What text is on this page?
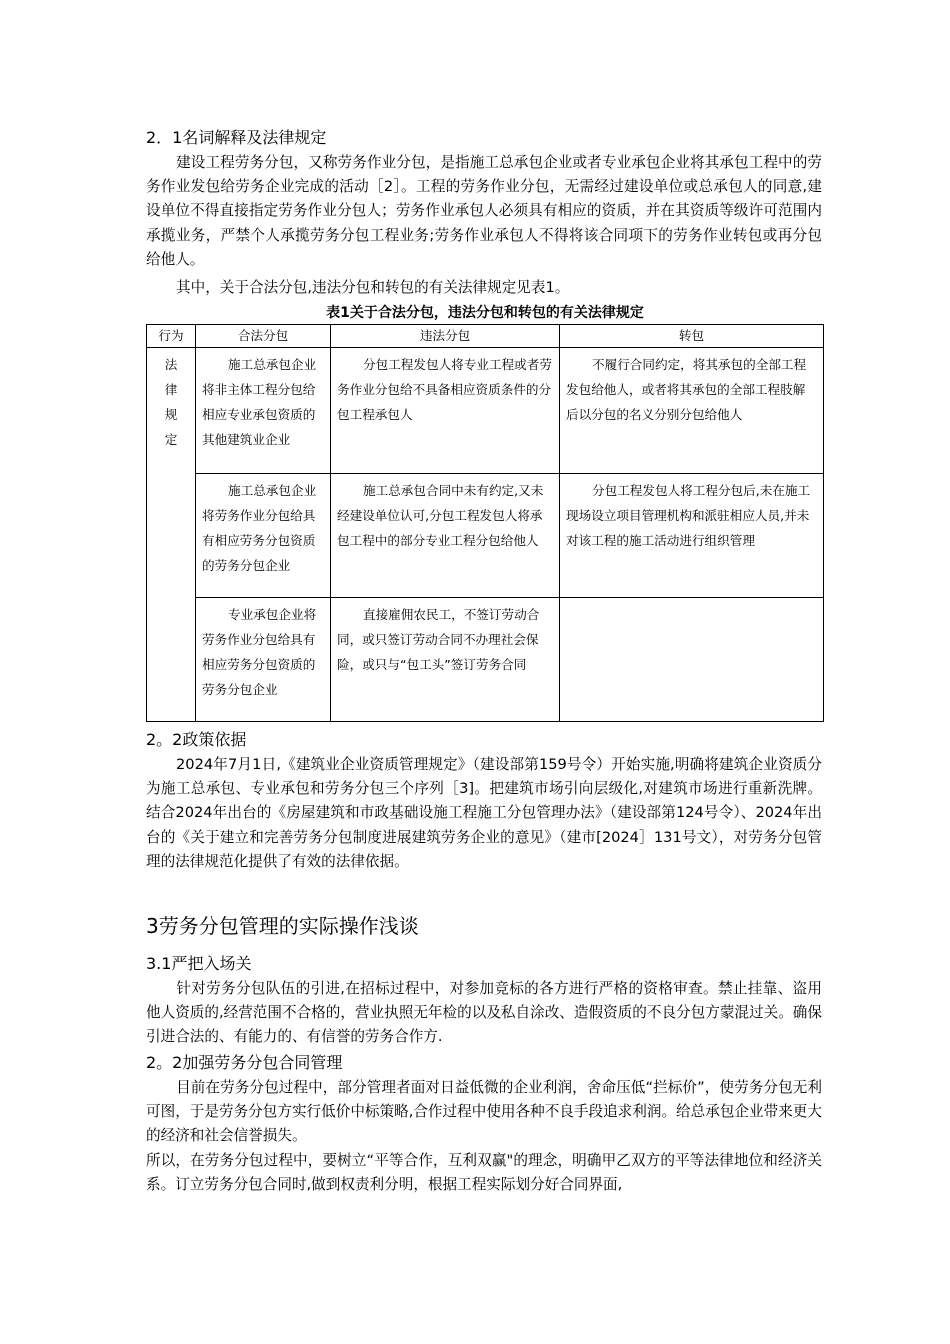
2．1名词解释及法律规定
建设工程劳务分包，又称劳务作业分包，是指施工总承包企业或者专业承包企业将其承包工程中的劳务作业发包给劳务企业完成的活动［2］。工程的劳务作业分包，无需经过建设单位或总承包人的同意,建设单位不得直接指定劳务作业分包人；劳务作业承包人必须具有相应的资质，并在其资质等级许可范围内承揽业务，严禁个人承揽劳务分包工程业务;劳务作业承包人不得将该合同项下的劳务作业转包或再分包给他人。
其中，关于合法分包,违法分包和转包的有关法律规定见表1。
表1关于合法分包，违法分包和转包的有关法律规定
行为	合法分包	违法分包	转包
法律规定	施工总承包企业将非主体工程分包给相应专业承包资质的其他建筑业企业	分包工程发包人将专业工程或者劳务作业分包给不具备相应资质条件的分包工程承包人	不履行合同约定，将其承包的全部工程发包给他人，或者将其承包的全部工程肢解后以分包的名义分别分包给他人
	施工总承包企业将劳务作业分包给具有相应劳务分包资质的劳务分包企业	施工总承包合同中未有约定,又未经建设单位认可,分包工程发包人将承包工程中的部分专业工程分包给他人	分包工程发包人将工程分包后,未在施工现场设立项目管理机构和派驻相应人员,并未对该工程的施工活动进行组织管理
	专业承包企业将劳务作业分包给具有相应劳务分包资质的劳务分包企业	直接雇佣农民工，不签订劳动合同，或只签订劳动合同不办理社会保险，或只与“包工头”签订劳务合同	
2。2政策依据
2024年7月1日,《建筑业企业资质管理规定》（建设部第159号令）开始实施,明确将建筑企业资质分为施工总承包、专业承包和劳务分包三个序列［3]。把建筑市场引向层级化,对建筑市场进行重新洗牌。结合2024年出台的《房屋建筑和市政基础设施工程施工分包管理办法》（建设部第124号令）、2024年出台的《关于建立和完善劳务分包制度进展建筑劳务企业的意见》（建市[2024］131号文），对劳务分包管理的法律规范化提供了有效的法律依据。
3劳务分包管理的实际操作浅谈
3.1严把入场关
针对劳务分包队伍的引进,在招标过程中，对参加竞标的各方进行严格的资格审查。禁止挂靠、盗用他人资质的,经营范围不合格的，营业执照无年检的以及私自涂改、造假资质的不良分包方蒙混过关。确保引进合法的、有能力的、有信誉的劳务合作方.
2。2加强劳务分包合同管理
目前在劳务分包过程中，部分管理者面对日益低微的企业利润，舍命压低“拦标价”，使劳务分包无利可图，于是劳务分包方实行低价中标策略,合作过程中使用各种不良手段追求利润。给总承包企业带来更大的经济和社会信誉损失。
所以，在劳务分包过程中，要树立“平等合作，互利双赢"的理念，明确甲乙双方的平等法律地位和经济关系。订立劳务分包合同时,做到权责利分明，根据工程实际划分好合同界面,
